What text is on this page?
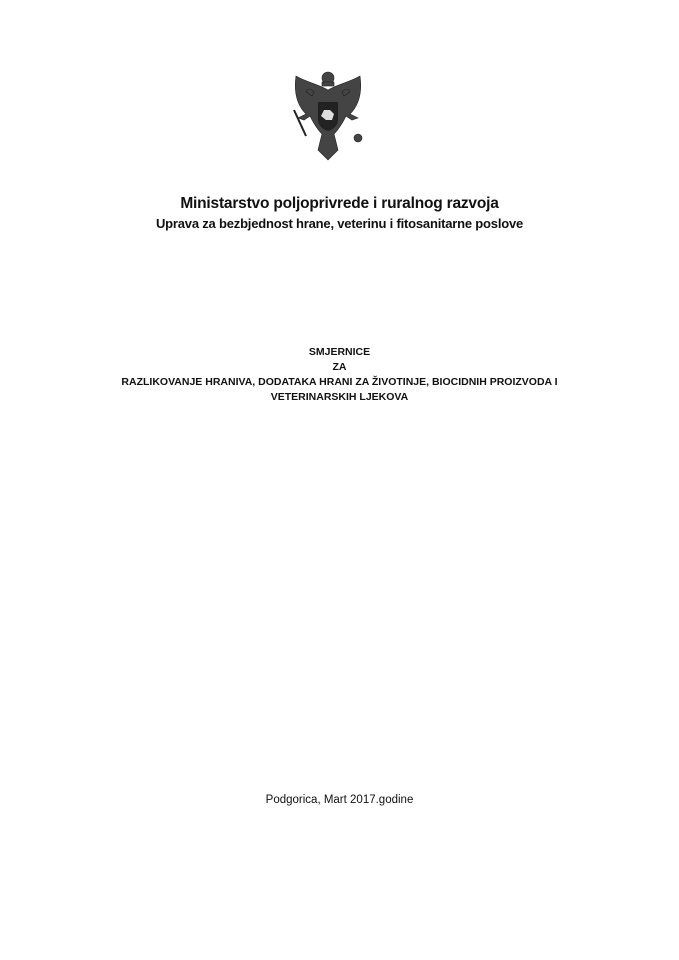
Ministarstvo poljoprivrede i ruralnog razvoja
Uprava za bezbjednost hrane, veterinu i fitosanitarne poslove
SMJERNICE
ZA
RAZLIKOVANJE HRANIVA, DODATAKA HRANI ZA ŽIVOTINJE, BIOCIDNIH PROIZVODA I
VETERINARSKIH LJEKOVA
Podgorica, Mart 2017.godine
